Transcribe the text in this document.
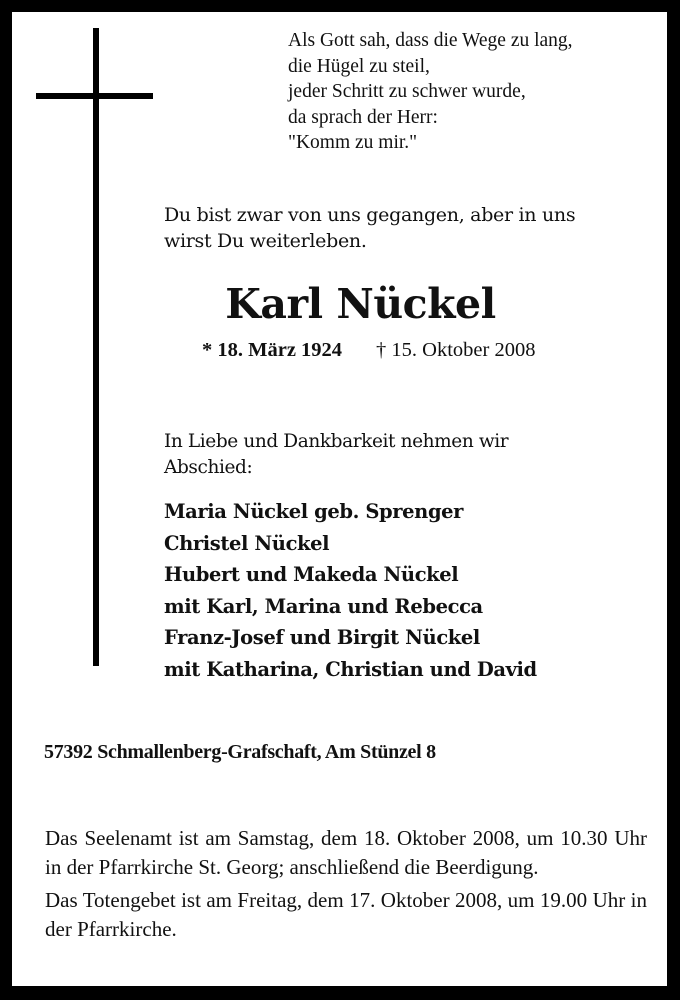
Als Gott sah, dass die Wege zu lang,
die Hügel zu steil,
jeder Schritt zu schwer wurde,
da sprach der Herr:
"Komm zu mir."
Du bist zwar von uns gegangen, aber in uns
wirst Du weiterleben.
Karl Nückel
* 18. März 1924 † 15. Oktober 2008
In Liebe und Dankbarkeit nehmen wir
Abschied:
Maria Nückel geb. Sprenger
Christel Nückel
Hubert und Makeda Nückel
mit Karl, Marina und Rebecca
Franz-Josef und Birgit Nückel
mit Katharina, Christian und David
57392 Schmallenberg-Grafschaft, Am Stünzel 8

Das Seelenamt ist am Samstag, dem 18. Oktober 2008, um 10.30 Uhr in der Pfarrkirche St. Georg; anschließend die Beerdigung.

Das Totengebet ist am Freitag, dem 17. Oktober 2008, um 19.00 Uhr in der Pfarrkirche.
